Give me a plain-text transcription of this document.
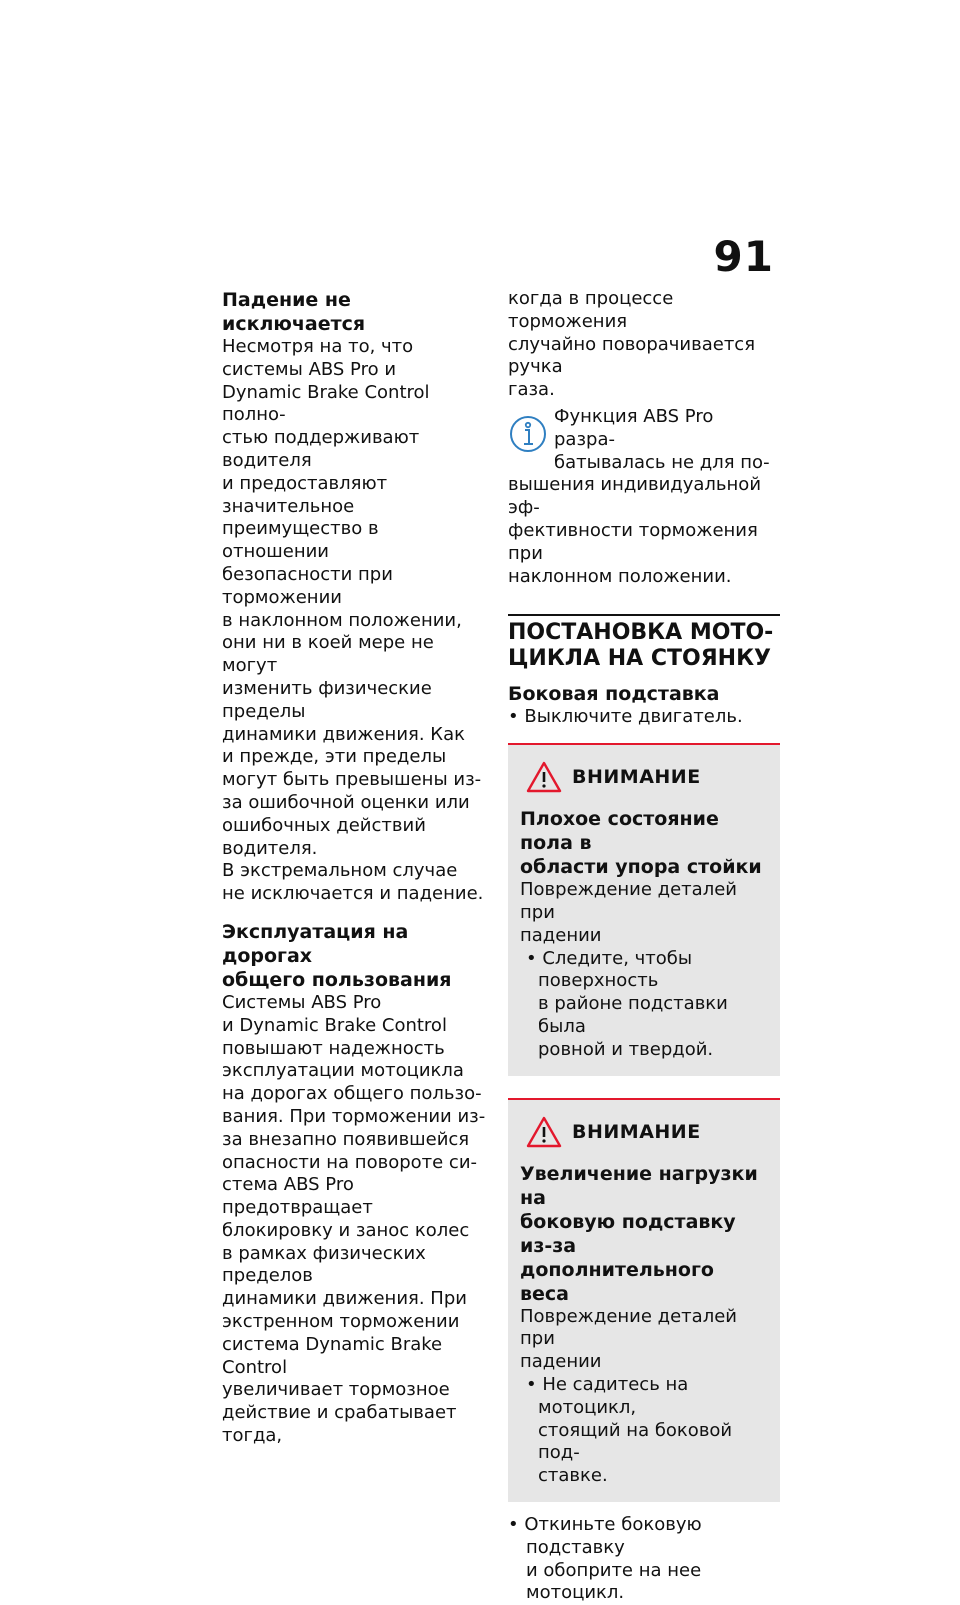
91

Падение не исключается

Несмотря на то, что
системы ABS Pro и
Dynamic Brake Control полно-
стью поддерживают водителя
и предоставляют значительное
преимущество в отношении
безопасности при торможении
в наклонном положении,
они ни в коей мере не могут
изменить физические пределы
динамики движения. Как
и прежде, эти пределы
могут быть превышены из-
за ошибочной оценки или
ошибочных действий водителя.
В экстремальном случае
не исключается и падение.

Эксплуатация на дорогах
общего пользования

Системы ABS Pro
и Dynamic Brake Control
повышают надежность
эксплуатации мотоцикла
на дорогах общего пользо-
вания. При торможении из-
за внезапно появившейся
опасности на повороте си-
стема ABS Pro предотвращает
блокировку и занос колес
в рамках физических пределов
динамики движения. При
экстренном торможении
система Dynamic Brake Control
увеличивает тормозное
действие и срабатывает тогда,

когда в процессе торможения
случайно поворачивается ручка
газа.

Функция ABS Pro разра-

батывалась не для по-

вышения индивидуальной эф-
фективности торможения при
наклонном положении.

ПОСТАНОВКА МОТО-
ЦИКЛА НА СТОЯНКУ

Боковая подставка

• Выключите двигатель.

ВНИМАНИЕ

Плохое состояние пола в
области упора стойки

Повреждение деталей при
падении

• Следите, чтобы поверхность
в районе подставки была
ровной и твердой.

ВНИМАНИЕ

Увеличение нагрузки на
боковую подставку из-за
дополнительного веса

Повреждение деталей при
падении

• Не садитесь на мотоцикл,
стоящий на боковой под-
ставке.

• Откиньте боковую подставку
и обоприте на нее мотоцикл.
